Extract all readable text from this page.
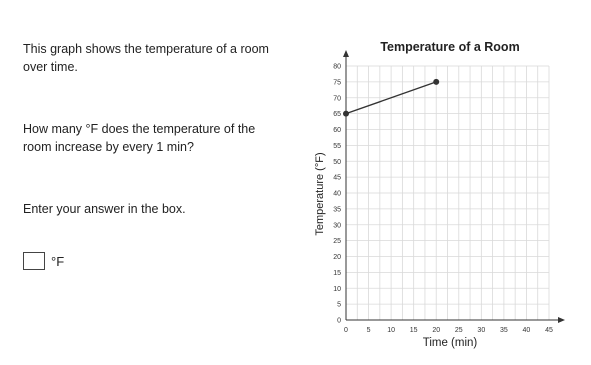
This graph shows the temperature of a room over time.

How many °F does the temperature of the room increase by every 1 min?

Enter your answer in the box.

°F
Temperature of a Room
Time (min)
Temperature (°F)
0	5 10 15 20 25 30 35 40 45
0
5
10
15
20
25
30
35
40
45
50
55
60
65
70
75
80
